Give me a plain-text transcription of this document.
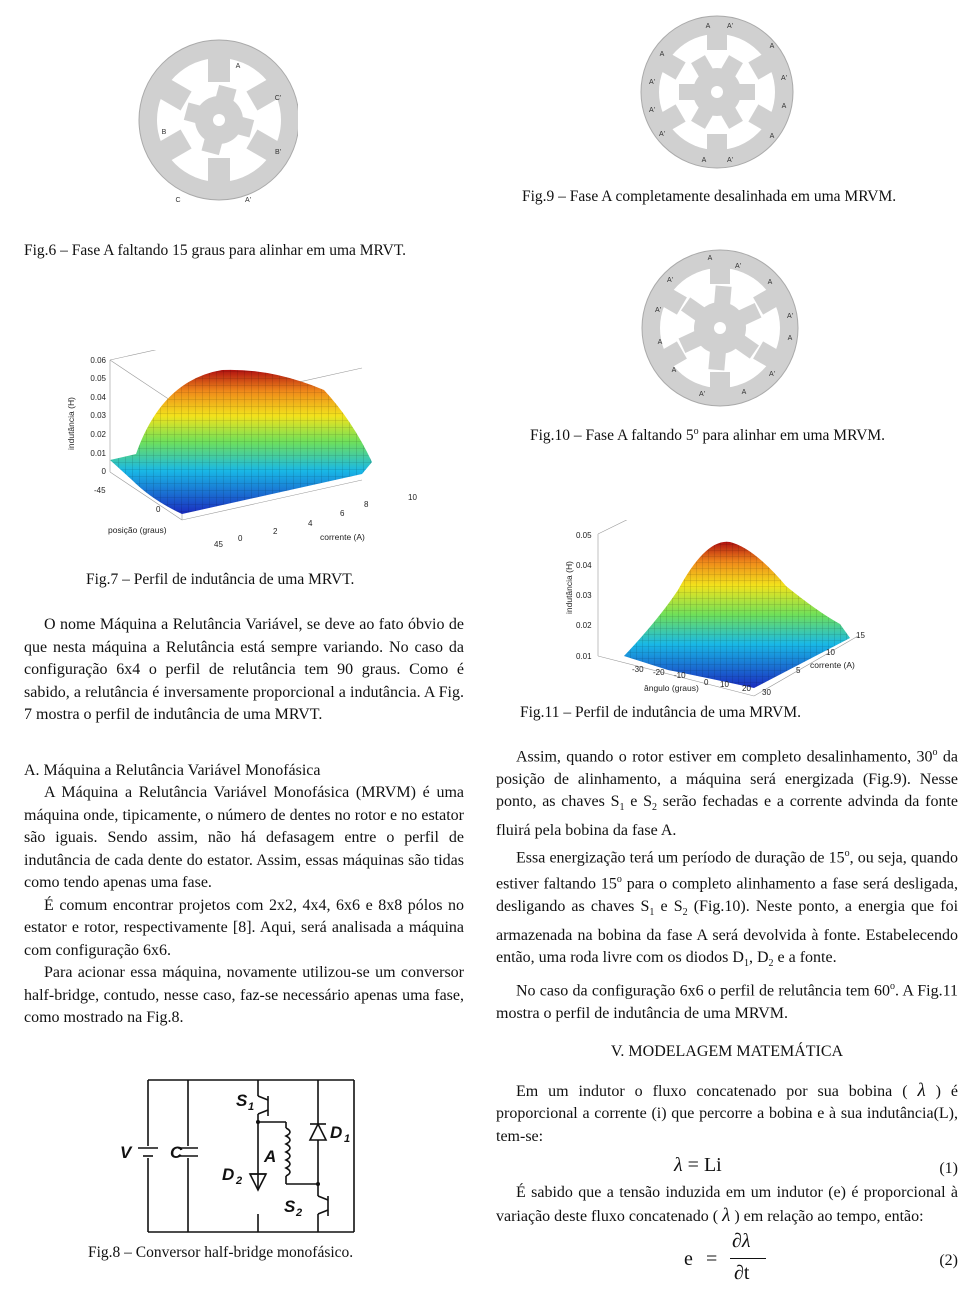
A
C'
B
B'
C	A'
Fig.6 – Fase A faltando 15 graus para alinhar em uma MRVT.
A A'
A
A
A'
A'
A
A'
A
A'
A	A'
Fig.9 – Fase A completamente desalinhada em uma MRVM.
A
A'
A'	A
A'
A
A'
A
A'
A
A'	A
Fig.10 – Fase A faltando 5$^o$ para alinhar em uma MRVM.
0.06
0.05
0.04
0.03
0.02
0.01
0
indutância (H)
-45
0
45
posição (graus)
0
2
4
6
8
10
corrente (A)
Fig.7 – Perfil de indutância de uma MRVT.
0.05
0.04
0.03
0.02
0.01
indutância (H)
-30 -20 -10
0 10 20 30
ângulo (graus)
5
10
15
corrente (A)
Fig.11 – Perfil de indutância de uma MRVM.

O nome Máquina a Relutância Variável, se deve ao fato óbvio de que nesta máquina a Relutância está sempre variando. No caso da configuração 6x4 o perfil de relutância tem 90 graus. Como é sabido, a relutância é inversamente proporcional a indutância. A Fig. 7 mostra o perfil de indutância de uma MRVT.

A. Máquina a Relutância Variável Monofásica

A Máquina a Relutância Variável Monofásica (MRVM) é uma máquina onde, tipicamente, o número de dentes no rotor e no estator são iguais. Sendo assim, não há defasagem entre o perfil de indutância de cada dente do estator. Assim, essas máquinas são tidas como tendo apenas uma fase.

É comum encontrar projetos com 2x2, 4x4, 6x6 e 8x8 pólos no estator e rotor, respectivamente [8]. Aqui, será analisada a máquina com configuração 6x6.

Para acionar essa máquina, novamente utilizou-se um conversor half-bridge, contudo, nesse caso, faz-se necessário apenas uma fase, como mostrado na Fig.8.

V C
S 1
D 1
A
D 2
S 2
Fig.8 – Conversor half-bridge monofásico.

Assim, quando o rotor estiver em completo desalinhamento, 30$^o$ da posição de alinhamento, a máquina será energizada (Fig.9). Nesse ponto, as chaves $S_1$ e $S_2$ serão fechadas e a corrente advinda da fonte fluirá pela bobina da fase A.

Essa energização terá um período de duração de 15$^o$, ou seja, quando estiver faltando 15$^o$ para o completo alinhamento a fase será desligada, desligando as chaves $S_1$ e $S_2$ (Fig.10). Neste ponto, a energia que foi armazenada na bobina da fase A será devolvida à fonte. Estabelecendo então, uma roda livre com os diodos $D_1$, $D_2$ e a fonte.

No caso da configuração 6x6 o perfil de relutância tem 60$^o$. A Fig.11 mostra o perfil de indutância de uma MRVM.

V. MODELAGEM MATEMÁTICA

Em um indutor o fluxo concatenado por sua bobina ( λ ) é proporcional a corrente (i) que percorre a bobina e à sua indutância(L), tem-se:

λ = Li	(1)

É sabido que a tensão induzida em um indutor (e) é proporcional à variação deste fluxo concatenado ( λ ) em relação ao tempo, então:

e =
∂λ
∂t
(2)
